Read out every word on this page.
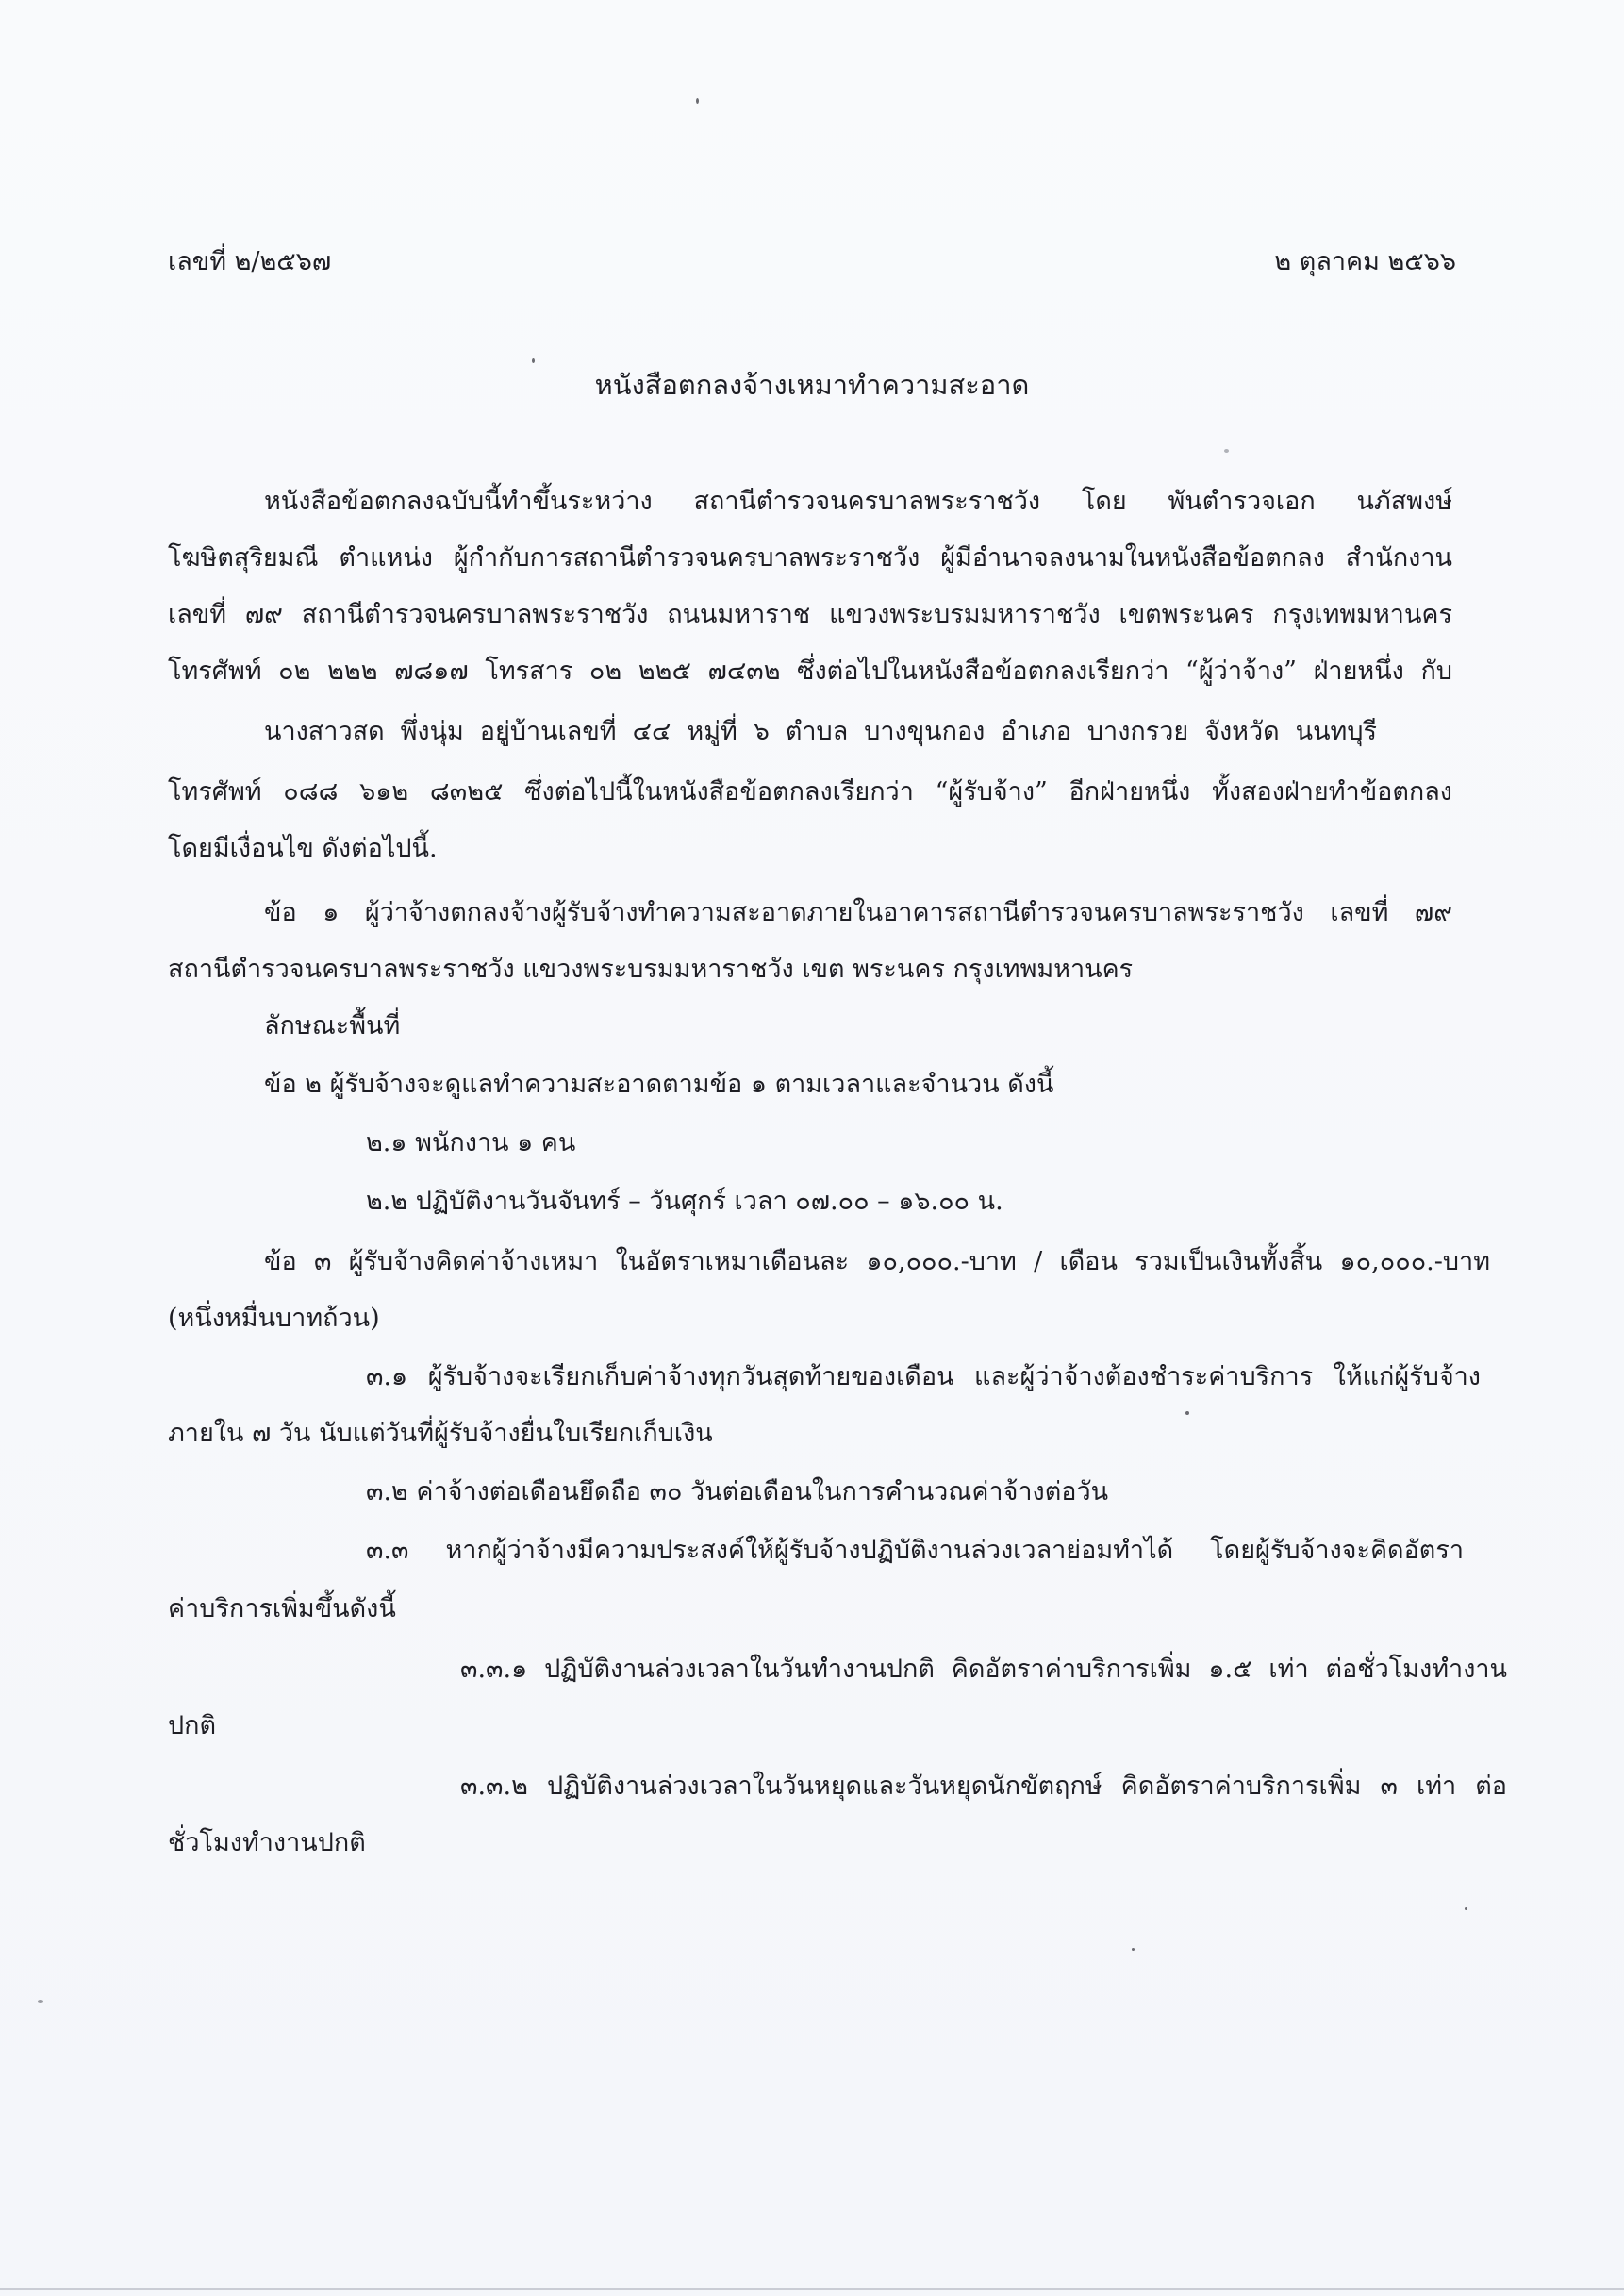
เลขที่ ๒/๒๕๖๗	๒ ตุลาคม ๒๕๖๖
หนังสือตกลงจ้างเหมาทำความสะอาด
หนังสือข้อตกลงฉบับนี้ทำขึ้นระหว่าง สถานีตำรวจนครบาลพระราชวัง โดย พันตำรวจเอก นภัสพงษ์
โฆษิตสุริยมณี ตำแหน่ง ผู้กำกับการสถานีตำรวจนครบาลพระราชวัง ผู้มีอำนาจลงนามในหนังสือข้อตกลง สำนักงาน
เลขที่ ๗๙ สถานีตำรวจนครบาลพระราชวัง ถนนมหาราช แขวงพระบรมมหาราชวัง เขตพระนคร กรุงเทพมหานคร
โทรศัพท์ ๐๒ ๒๒๒ ๗๘๑๗ โทรสาร ๐๒ ๒๒๕ ๗๔๓๒ ซึ่งต่อไปในหนังสือข้อตกลงเรียกว่า “ผู้ว่าจ้าง” ฝ่ายหนึ่ง กับ
นางสาวสด พึ่งนุ่ม อยู่บ้านเลขที่ ๔๔ หมู่ที่ ๖ ตำบล บางขุนกอง อำเภอ บางกรวย จังหวัด นนทบุรี
โทรศัพท์ ๐๘๘ ๖๑๒ ๘๓๒๕ ซึ่งต่อไปนี้ในหนังสือข้อตกลงเรียกว่า “ผู้รับจ้าง” อีกฝ่ายหนึ่ง ทั้งสองฝ่ายทำข้อตกลง
โดยมีเงื่อนไข ดังต่อไปนี้.
ข้อ ๑ ผู้ว่าจ้างตกลงจ้างผู้รับจ้างทำความสะอาดภายในอาคารสถานีตำรวจนครบาลพระราชวัง เลขที่ ๗๙
สถานีตำรวจนครบาลพระราชวัง แขวงพระบรมมหาราชวัง เขต พระนคร กรุงเทพมหานคร
ลักษณะพื้นที่
ข้อ ๒ ผู้รับจ้างจะดูแลทำความสะอาดตามข้อ ๑ ตามเวลาและจำนวน ดังนี้
๒.๑ พนักงาน ๑ คน
๒.๒ ปฏิบัติงานวันจันทร์ – วันศุกร์ เวลา ๐๗.๐๐ – ๑๖.๐๐ น.
ข้อ ๓ ผู้รับจ้างคิดค่าจ้างเหมา ในอัตราเหมาเดือนละ ๑๐,๐๐๐.-บาท / เดือน รวมเป็นเงินทั้งสิ้น ๑๐,๐๐๐.-บาท
(หนึ่งหมื่นบาทถ้วน)
๓.๑ ผู้รับจ้างจะเรียกเก็บค่าจ้างทุกวันสุดท้ายของเดือน และผู้ว่าจ้างต้องชำระค่าบริการ ให้แก่ผู้รับจ้าง
ภายใน ๗ วัน นับแต่วันที่ผู้รับจ้างยื่นใบเรียกเก็บเงิน
๓.๒ ค่าจ้างต่อเดือนยึดถือ ๓๐ วันต่อเดือนในการคำนวณค่าจ้างต่อวัน
๓.๓ หากผู้ว่าจ้างมีความประสงค์ให้ผู้รับจ้างปฏิบัติงานล่วงเวลาย่อมทำได้ โดยผู้รับจ้างจะคิดอัตรา
ค่าบริการเพิ่มขึ้นดังนี้
๓.๓.๑ ปฏิบัติงานล่วงเวลาในวันทำงานปกติ คิดอัตราค่าบริการเพิ่ม ๑.๕ เท่า ต่อชั่วโมงทำงาน
ปกติ
๓.๓.๒ ปฏิบัติงานล่วงเวลาในวันหยุดและวันหยุดนักขัตฤกษ์ คิดอัตราค่าบริการเพิ่ม ๓ เท่า ต่อ
ชั่วโมงทำงานปกติ
